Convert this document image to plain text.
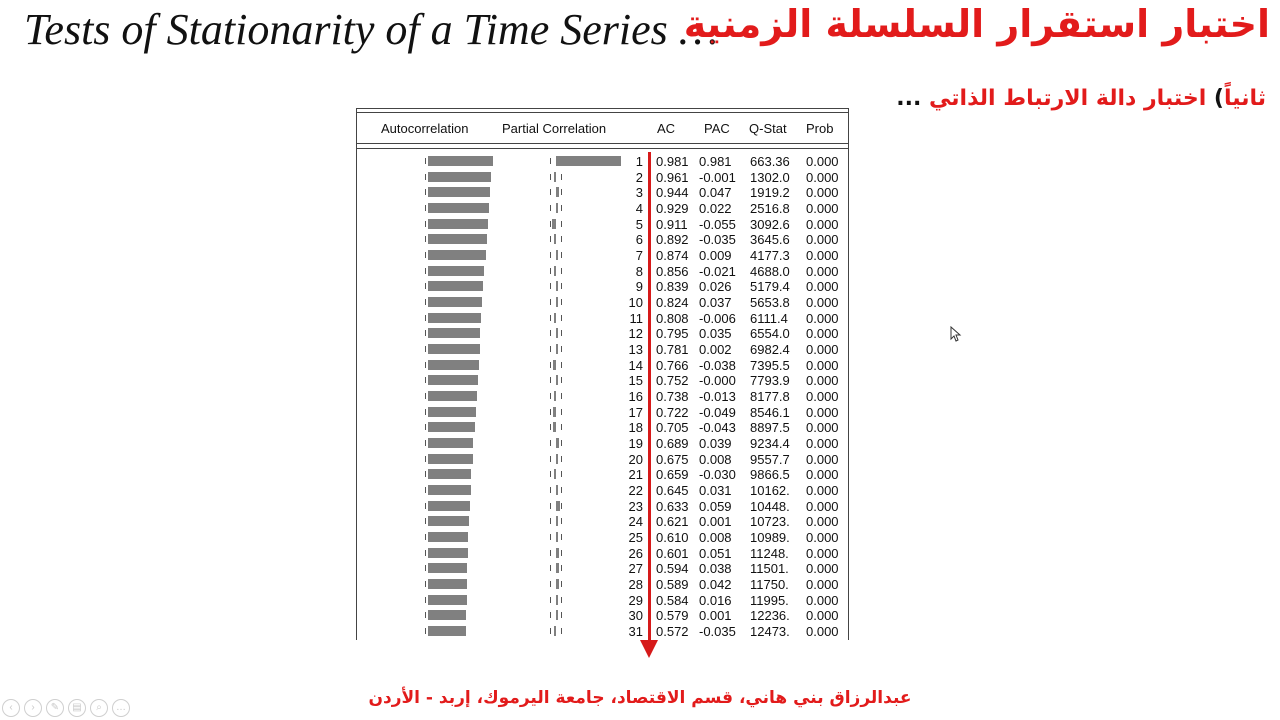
Tests of Stationarity of a Time Series …
اختبار استقرار السلسلة الزمنية
ثانياً) اختبار دالة الارتباط الذاتي ...
Autocorrelation	Partial Correlation	AC PAC Q-Stat Prob
1 0.981 0.981 663.36 0.000
2 0.961 -0.001 1302.0 0.000
3 0.944 0.047 1919.2 0.000
4 0.929 0.022 2516.8 0.000
5 0.911 -0.055 3092.6 0.000
6 0.892 -0.035 3645.6 0.000
7 0.874 0.009 4177.3 0.000
8 0.856 -0.021 4688.0 0.000
9 0.839 0.026 5179.4 0.000
10 0.824 0.037 5653.8 0.000
11 0.808 -0.006 6111.4 0.000
12 0.795 0.035 6554.0 0.000
13 0.781 0.002 6982.4 0.000
14 0.766 -0.038 7395.5 0.000
15 0.752 -0.000 7793.9 0.000
16 0.738 -0.013 8177.8 0.000
17 0.722 -0.049 8546.1 0.000
18 0.705 -0.043 8897.5 0.000
19 0.689 0.039 9234.4 0.000
20 0.675 0.008 9557.7 0.000
21 0.659 -0.030 9866.5 0.000
22 0.645 0.031 10162. 0.000
23 0.633 0.059 10448. 0.000
24 0.621 0.001 10723. 0.000
25 0.610 0.008 10989. 0.000
26 0.601 0.051 11248. 0.000
27 0.594 0.038 11501. 0.000
28 0.589 0.042 11750. 0.000
29 0.584 0.016 11995. 0.000
30 0.579 0.001 12236. 0.000
31 0.572 -0.035 12473. 0.000
عبدالرزاق بني هاني، قسم الاقتصاد، جامعة اليرموك، إربد - الأردن
‹	›	✎	▤	⌕	…
